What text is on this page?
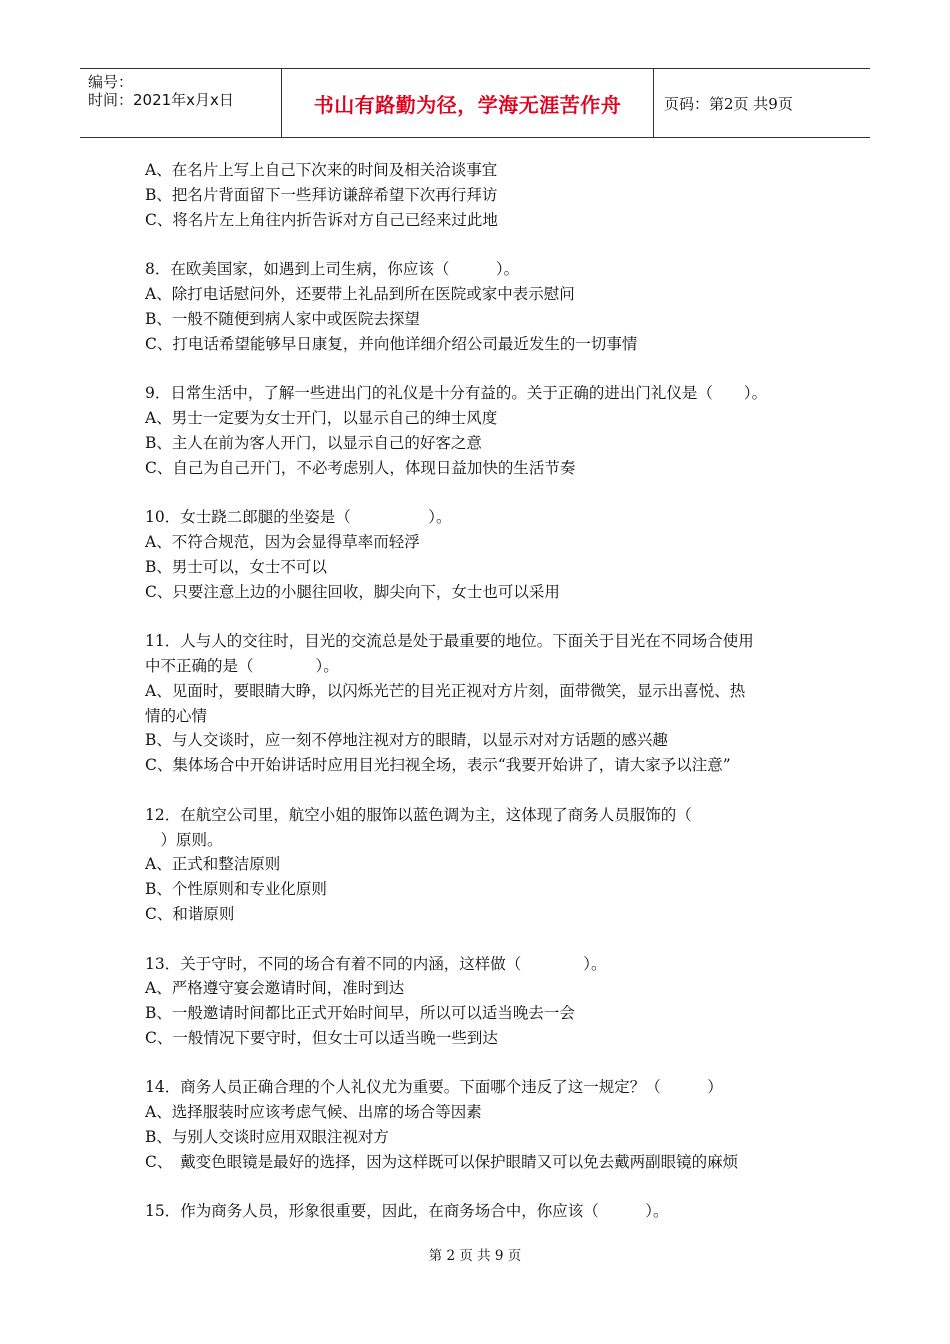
编号：
时间：2021年x月x日	书山有路勤为径，学海无涯苦作舟	页码：第2页 共9页

A、在名片上写上自己下次来的时间及相关洽谈事宜

B、把名片背面留下一些拜访谦辞希望下次再行拜访

C、将名片左上角往内折告诉对方自己已经来过此地

8．在欧美国家，如遇到上司生病，你应该（　　　）。

A、除打电话慰问外，还要带上礼品到所在医院或家中表示慰问

B、一般不随便到病人家中或医院去探望

C、打电话希望能够早日康复，并向他详细介绍公司最近发生的一切事情

9．日常生活中，了解一些进出门的礼仪是十分有益的。关于正确的进出门礼仪是（　　）。

A、男士一定要为女士开门，以显示自己的绅士风度

B、主人在前为客人开门，以显示自己的好客之意

C、自己为自己开门，不必考虑别人，体现日益加快的生活节奏

10．女士跷二郎腿的坐姿是（　　　　　）。

A、不符合规范，因为会显得草率而轻浮

B、男士可以，女士不可以

C、只要注意上边的小腿往回收，脚尖向下，女士也可以采用

11．人与人的交往时，目光的交流总是处于最重要的地位。下面关于目光在不同场合使用

中不正确的是（　　　　）。

A、见面时，要眼睛大睁，以闪烁光芒的目光正视对方片刻，面带微笑，显示出喜悦、热

情的心情

B、与人交谈时，应一刻不停地注视对方的眼睛，以显示对对方话题的感兴趣

C、集体场合中开始讲话时应用目光扫视全场，表示“我要开始讲了，请大家予以注意”

12．在航空公司里，航空小姐的服饰以蓝色调为主，这体现了商务人员服饰的（

　）原则。

A、正式和整洁原则

B、个性原则和专业化原则

C、和谐原则

13．关于守时，不同的场合有着不同的内涵，这样做（　　　　）。

A、严格遵守宴会邀请时间，准时到达

B、一般邀请时间都比正式开始时间早，所以可以适当晚去一会

C、一般情况下要守时，但女士可以适当晚一些到达

14．商务人员正确合理的个人礼仪尤为重要。下面哪个违反了这一规定？（　　　）

A、选择服装时应该考虑气候、出席的场合等因素

B、与别人交谈时应用双眼注视对方

C、　戴变色眼镜是最好的选择，因为这样既可以保护眼睛又可以免去戴两副眼镜的麻烦

15．作为商务人员，形象很重要，因此，在商务场合中，你应该（　　　）。

第 2 页 共 9 页
